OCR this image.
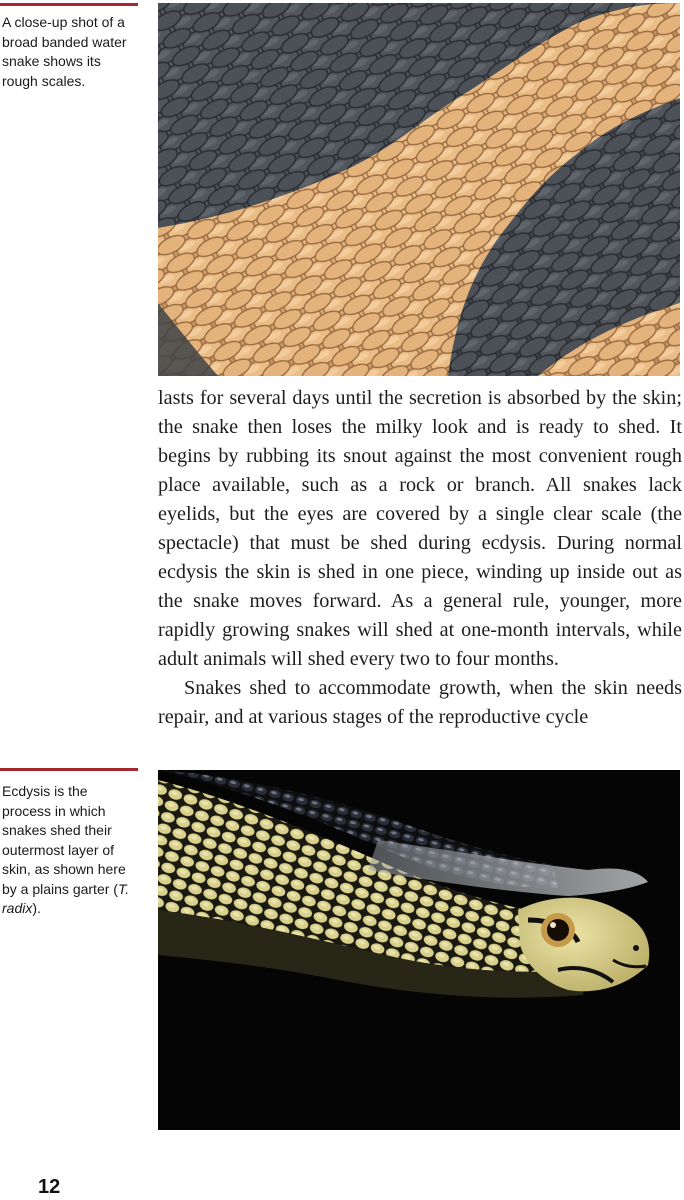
A close-up shot of a broad banded water snake shows its rough scales.

lasts for several days until the secretion is absorbed by the skin; the snake then loses the milky look and is ready to shed. It begins by rubbing its snout against the most convenient rough place available, such as a rock or branch. All snakes lack eyelids, but the eyes are covered by a single clear scale (the spectacle) that must be shed during ecdysis. During normal ecdysis the skin is shed in one piece, winding up inside out as the snake moves forward. As a general rule, younger, more rapidly growing snakes will shed at one-month intervals, while adult animals will shed every two to four months.

Snakes shed to accommodate growth, when the skin needs repair, and at various stages of the reproductive cycle

Ecdysis is the process in which snakes shed their outermost layer of skin, as shown here by a plains garter (T. radix).
12
